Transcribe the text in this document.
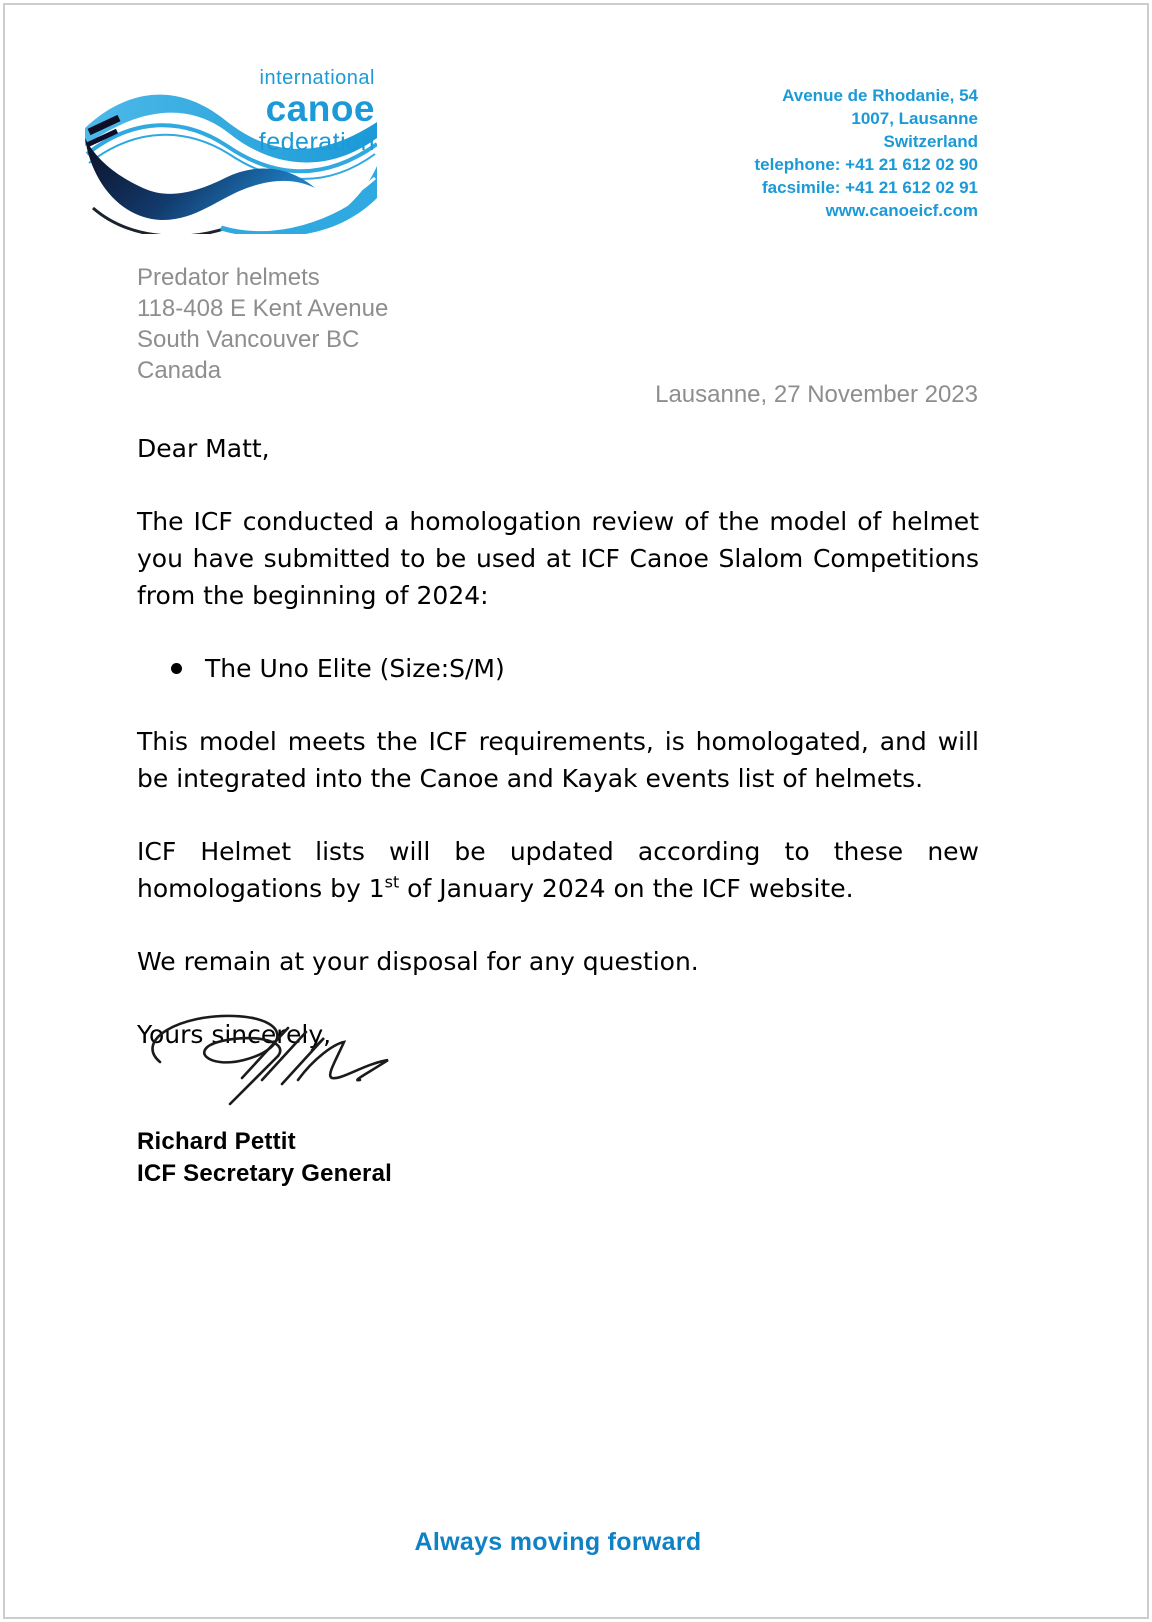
international
canoe
federation
Avenue de Rhodanie, 54
1007, Lausanne
Switzerland
telephone: +41 21 612 02 90
facsimile: +41 21 612 02 91
www.canoeicf.com
Predator helmets
118-408 E Kent Avenue
South Vancouver BC
Canada
Lausanne, 27 November 2023

Dear Matt,

The ICF conducted a homologation review of the model of helmet you have submitted to be used at ICF Canoe Slalom Competitions from the beginning of 2024:

The Uno Elite (Size:S/M)

This model meets the ICF requirements, is homologated, and will be integrated into the Canoe and Kayak events list of helmets.

ICF Helmet lists will be updated according to these new homologations by 1st of January 2024 on the ICF website.

We remain at your disposal for any question.

Yours sincerely,

Richard Pettit
ICF Secretary General
Always moving forward
